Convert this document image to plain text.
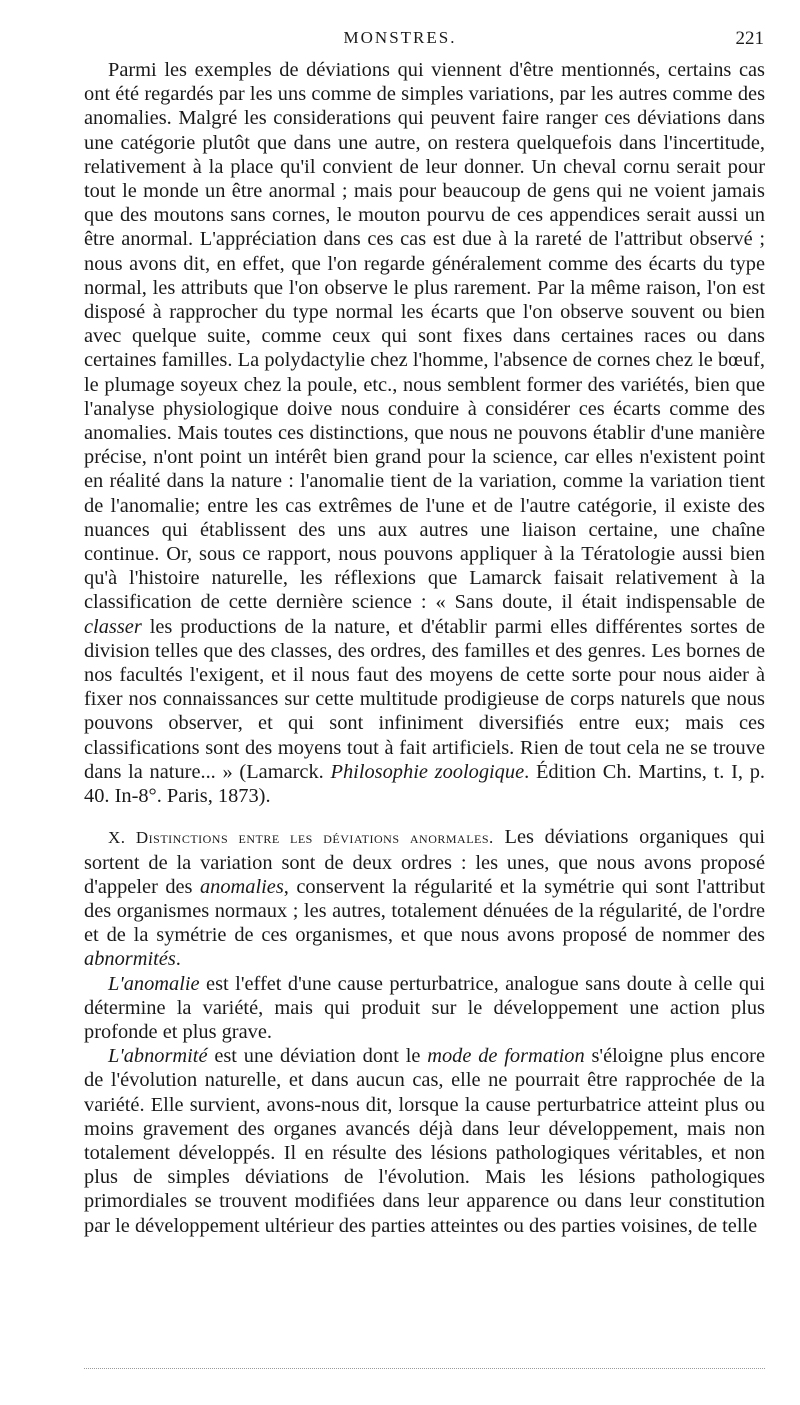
MONSTRES.	221

Parmi les exemples de déviations qui viennent d'être mentionnés, certains cas ont été regardés par les uns comme de simples variations, par les autres comme des anomalies. Malgré les considerations qui peuvent faire ranger ces déviations dans une catégorie plutôt que dans une autre, on restera quelquefois dans l'incertitude, relativement à la place qu'il convient de leur donner. Un cheval cornu serait pour tout le monde un être anormal ; mais pour beaucoup de gens qui ne voient jamais que des moutons sans cornes, le mouton pourvu de ces appendices serait aussi un être anormal. L'appréciation dans ces cas est due à la rareté de l'attribut observé ; nous avons dit, en effet, que l'on regarde généralement comme des écarts du type normal, les attributs que l'on observe le plus rarement. Par la même raison, l'on est disposé à rapprocher du type normal les écarts que l'on observe souvent ou bien avec quelque suite, comme ceux qui sont fixes dans certaines races ou dans certaines familles. La polydactylie chez l'homme, l'absence de cornes chez le bœuf, le plumage soyeux chez la poule, etc., nous semblent former des variétés, bien que l'analyse physiologique doive nous conduire à considérer ces écarts comme des anomalies. Mais toutes ces distinctions, que nous ne pouvons établir d'une manière précise, n'ont point un intérêt bien grand pour la science, car elles n'existent point en réalité dans la nature : l'anomalie tient de la variation, comme la variation tient de l'anomalie; entre les cas extrêmes de l'une et de l'autre catégorie, il existe des nuances qui établissent des uns aux autres une liaison certaine, une chaîne continue. Or, sous ce rapport, nous pouvons appliquer à la Tératologie aussi bien qu'à l'histoire naturelle, les réflexions que Lamarck faisait relativement à la classification de cette dernière science : « Sans doute, il était indispensable de classer les productions de la nature, et d'établir parmi elles différentes sortes de division telles que des classes, des ordres, des familles et des genres. Les bornes de nos facultés l'exigent, et il nous faut des moyens de cette sorte pour nous aider à fixer nos connaissances sur cette multitude prodigieuse de corps naturels que nous pouvons observer, et qui sont infiniment diversifiés entre eux; mais ces classifications sont des moyens tout à fait artificiels. Rien de tout cela ne se trouve dans la nature... » (Lamarck. Philosophie zoologique. Édition Ch. Martins, t. I, p. 40. In-8°. Paris, 1873).

X. Distinctions entre les déviations anormales. Les déviations organiques qui sortent de la variation sont de deux ordres : les unes, que nous avons proposé d'appeler des anomalies, conservent la régularité et la symétrie qui sont l'attribut des organismes normaux ; les autres, totalement dénuées de la régularité, de l'ordre et de la symétrie de ces organismes, et que nous avons proposé de nommer des abnormités.

L'anomalie est l'effet d'une cause perturbatrice, analogue sans doute à celle qui détermine la variété, mais qui produit sur le développement une action plus profonde et plus grave.

L'abnormité est une déviation dont le mode de formation s'éloigne plus encore de l'évolution naturelle, et dans aucun cas, elle ne pourrait être rapprochée de la variété. Elle survient, avons-nous dit, lorsque la cause perturbatrice atteint plus ou moins gravement des organes avancés déjà dans leur développement, mais non totalement développés. Il en résulte des lésions pathologiques véritables, et non plus de simples déviations de l'évolution. Mais les lésions pathologiques primordiales se trouvent modifiées dans leur apparence ou dans leur constitution par le développement ultérieur des parties atteintes ou des parties voisines, de telle
